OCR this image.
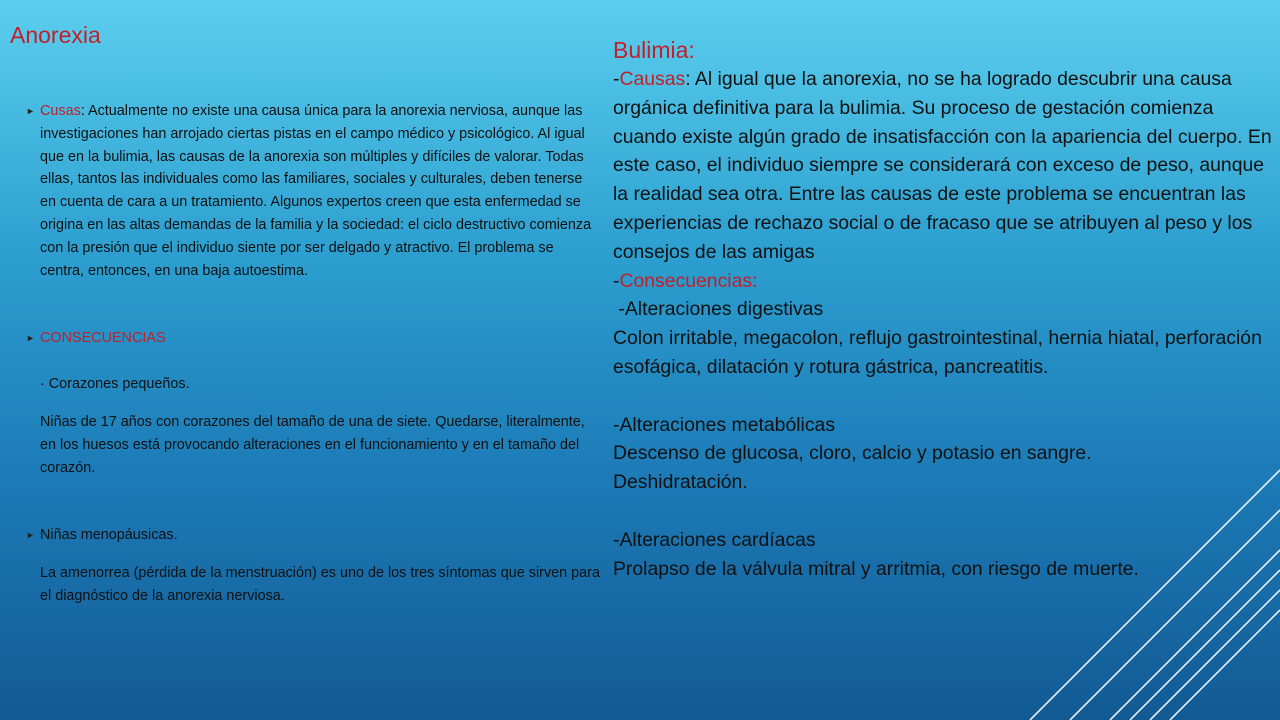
Anorexia
► Cusas: Actualmente no existe una causa única para la anorexia nerviosa, aunque las investigaciones han arrojado ciertas pistas en el campo médico y psicológico. Al igual que en la bulimia, las causas de la anorexia son múltiples y difíciles de valorar. Todas ellas, tantos las individuales como las familiares, sociales y culturales, deben tenerse en cuenta de cara a un tratamiento. Algunos expertos creen que esta enfermedad se origina en las altas demandas de la familia y la sociedad: el ciclo destructivo comienza con la presión que el individuo siente por ser delgado y atractivo. El problema se centra, entonces, en una baja autoestima.
► CONSECUENCIAS
· Corazones pequeños.
Niñas de 17 años con corazones del tamaño de una de siete. Quedarse, literalmente, en los huesos está provocando alteraciones en el funcionamiento y en el tamaño del corazón.
► Niñas menopáusicas.
La amenorrea (pérdida de la menstruación) es uno de los tres síntomas que sirven para el diagnóstico de la anorexia nerviosa.
Bulimia:
-Causas: Al igual que la anorexia, no se ha logrado descubrir una causa orgánica definitiva para la bulimia. Su proceso de gestación comienza cuando existe algún grado de insatisfacción con la apariencia del cuerpo. En este caso, el individuo siempre se considerará con exceso de peso, aunque la realidad sea otra. Entre las causas de este problema se encuentran las experiencias de rechazo social o de fracaso que se atribuyen al peso y los consejos de las amigas
-Consecuencias:
-Alteraciones digestivas
Colon irritable, megacolon, reflujo gastrointestinal, hernia hiatal, perforación esofágica, dilatación y rotura gástrica, pancreatitis.
-Alteraciones metabólicas
Descenso de glucosa, cloro, calcio y potasio en sangre.
Deshidratación.
-Alteraciones cardíacas
Prolapso de la válvula mitral y arritmia, con riesgo de muerte.
